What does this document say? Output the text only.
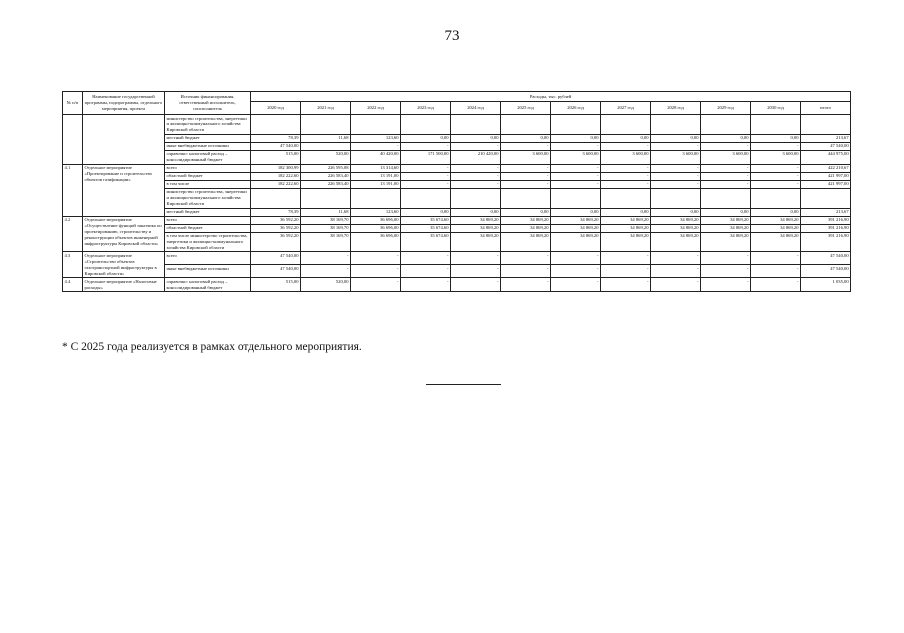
73
№ п/п	Наименование государственной программы, подпрограммы, отдельного мероприятия, проекта	Источник финансирования, ответственный исполнитель, соисполнитель	Расходы, тыс. рублей											
			2020 год	2021 год	2022 год	2023 год	2024 год	2025 год	2026 год	2027 год	2028 год	2029 год	2030 год	итого
		министерство строительства, энергетики и жилищно-коммунального хозяйства Кировской области												
		местный бюджет	78,39	11,68	123,60	0,00	0,00	0,00	0,00	0,00	0,00	0,00	0,00	213,67
		иные внебюджетные источники	47 540,00		-	-	-	-	-	-	-	-	-	47 540,00
		справочно: налоговый расход – консолидированный бюджет	515,00	520,00	40 420,00	171 500,00	210 420,00	3 600,00	3 600,00	3 600,00	3 600,00	3 600,00	3 600,00	444 975,00
4.1	Отдельное мероприятие «Проектирование и строительство объектов газификации»	всего	182 300,99	226 595,08	13 314,60	-	-	-	-	-	-	-	-	422 210,67
		областной бюджет	182 222,60	226 583,40	13 191,00	-	-	-	-	-	-	-	-	421 997,00
		в том числе	182 222,60	226 583,40	13 191,00	-	-	-	-	-	-	-	-	421 997,00
		министерство строительства, энергетики и жилищно-коммунального хозяйства Кировской области												
		местный бюджет	78,39	11,68	123,60	0,00	0,00	0,00	0,00	0,00	0,00	0,00	0,00	213,67
4.2	Отдельное мероприятие «Осуществление функций заказчика по проектированию, строительству и реконструкции объектов инженерной инфраструктуры Кировской области»	всего	36 592,20	38 169,70	36 696,00	35 674,60	34 869,20	34 869,20	34 869,20	34 869,20	34 869,20	34 869,20	34 869,20	391 216,90
		областной бюджет	36 592,20	38 169,70	36 696,00	35 674,60	34 869,20	34 869,20	34 869,20	34 869,20	34 869,20	34 869,20	34 869,20	391 216,90
		в том числе министерство строительства, энергетики и жилищно-коммунального хозяйства Кировской области	36 592,20	38 169,70	36 696,00	35 674,60	34 869,20	34 869,20	34 869,20	34 869,20	34 869,20	34 869,20	34 869,20	391 216,90
4.3	Отдельное мероприятие «Строительство объектов газотранспортной инфраструктуры в Кировской области»	всего	47 540,00	-	-	-	-	-	-	-	-	-	-	47 540,00
		иные внебюджетные источники	47 540,00	-	-	-	-	-	-	-	-	-	-	47 540,00
4.4	Отдельное мероприятие «Налоговые расходы»	справочно: налоговый расход – консолидированный бюджет	515,00	520,00	-	-	-	-	-	-	-	-	-	1 035,00
* С 2025 года реализуется в рамках отдельного мероприятия.
